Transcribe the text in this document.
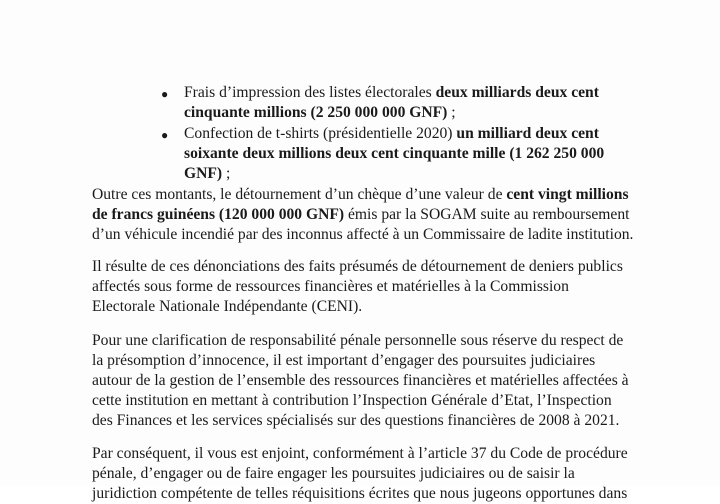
● Frais d’impression des listes électorales deux milliards deux cent
cinquante millions (2 250 000 000 GNF) ;
● Confection de t-shirts (présidentielle 2020) un milliard deux cent
soixante deux millions deux cent cinquante mille (1 262 250 000
GNF) ;
Outre ces montants, le détournement d’un chèque d’une valeur de cent vingt millions
de francs guinéens (120 000 000 GNF) émis par la SOGAM suite au remboursement
d’un véhicule incendié par des inconnus affecté à un Commissaire de ladite institution.
Il résulte de ces dénonciations des faits présumés de détournement de deniers publics
affectés sous forme de ressources financières et matérielles à la Commission
Electorale Nationale Indépendante (CENI).
Pour une clarification de responsabilité pénale personnelle sous réserve du respect de
la présomption d’innocence, il est important d’engager des poursuites judiciaires
autour de la gestion de l’ensemble des ressources financières et matérielles affectées à
cette institution en mettant à contribution l’Inspection Générale d’Etat, l’Inspection
des Finances et les services spécialisés sur des questions financières de 2008 à 2021.
Par conséquent, il vous est enjoint, conformément à l’article 37 du Code de procédure
pénale, d’engager ou de faire engager les poursuites judiciaires ou de saisir la
juridiction compétente de telles réquisitions écrites que nous jugeons opportunes dans
